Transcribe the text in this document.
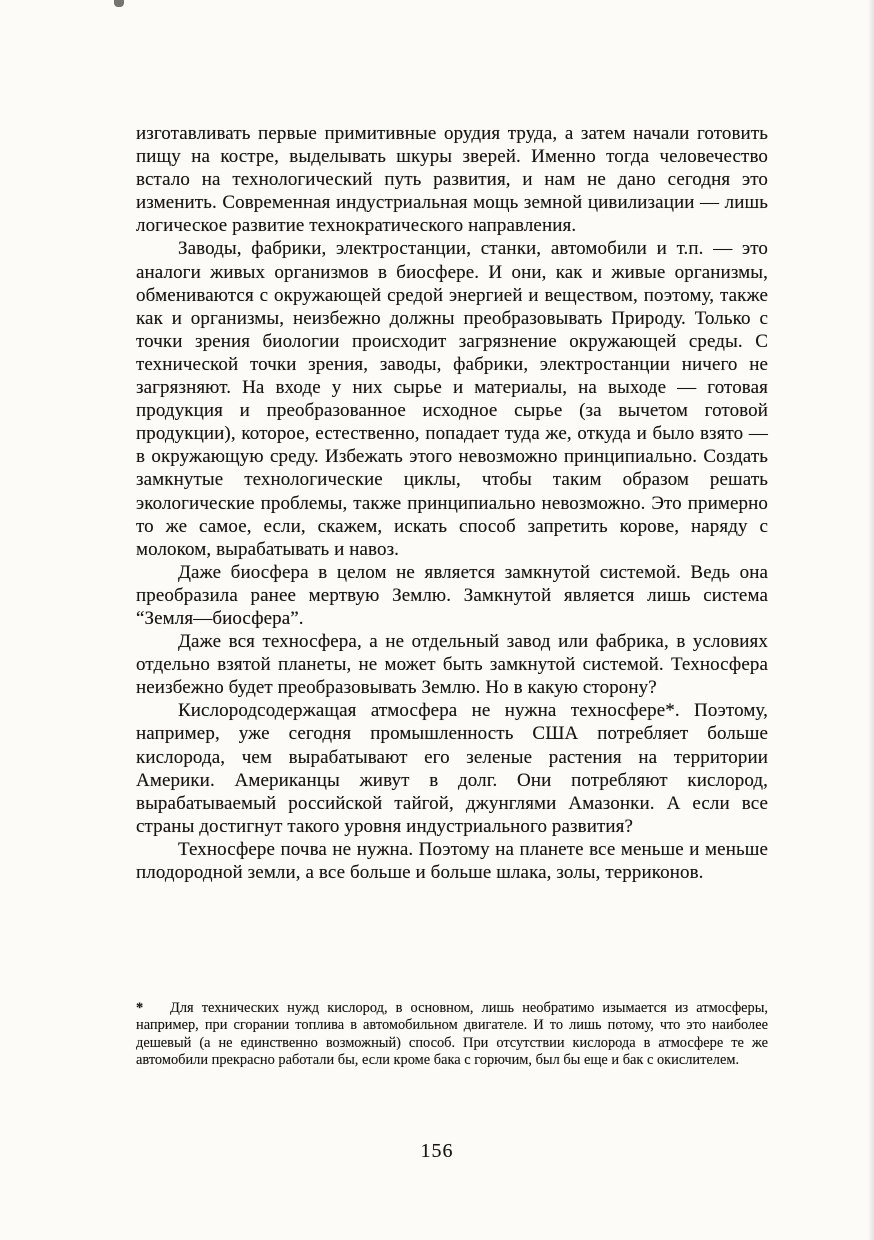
изготавливать первые примитивные орудия труда, а затем начали готовить пищу на костре, выделывать шкуры зверей. Именно тогда человечество встало на технологический путь развития, и нам не дано сегодня это изменить. Современная индустриальная мощь земной цивилизации — лишь логическое развитие технократического направления.

Заводы, фабрики, электростанции, станки, автомобили и т.п. — это аналоги живых организмов в биосфере. И они, как и живые организмы, обмениваются с окружающей средой энергией и веществом, поэтому, также как и организмы, неизбежно должны преобразовывать Природу. Только с точки зрения биологии происходит загрязнение окружающей среды. С технической точки зрения, заводы, фабрики, электростанции ничего не загрязняют. На входе у них сырье и материалы, на выходе — готовая продукция и преобразованное исходное сырье (за вычетом готовой продукции), которое, естественно, попадает туда же, откуда и было взято — в окружающую среду. Избежать этого невозможно принципиально. Создать замкнутые технологические циклы, чтобы таким образом решать экологические проблемы, также принципиально невозможно. Это примерно то же самое, если, скажем, искать способ запретить корове, наряду с молоком, вырабатывать и навоз.

Даже биосфера в целом не является замкнутой системой. Ведь она преобразила ранее мертвую Землю. Замкнутой является лишь система “Земля—биосфера”.

Даже вся техносфера, а не отдельный завод или фабрика, в условиях отдельно взятой планеты, не может быть замкнутой системой. Техносфера неизбежно будет преобразовывать Землю. Но в какую сторону?

Кислородсодержащая атмосфера не нужна техносфере*. Поэтому, например, уже сегодня промышленность США потребляет больше кислорода, чем вырабатывают его зеленые растения на территории Америки. Американцы живут в долг. Они потребляют кислород, вырабатываемый российской тайгой, джунглями Амазонки. А если все страны достигнут такого уровня индустриального развития?

Техносфере почва не нужна. Поэтому на планете все меньше и меньше плодородной земли, а все больше и больше шлака, золы, терриконов.

* Для технических нужд кислород, в основном, лишь необратимо изымается из атмосферы, например, при сгорании топлива в автомобильном двигателе. И то лишь потому, что это наиболее дешевый (а не единственно возможный) способ. При отсутствии кислорода в атмосфере те же автомобили прекрасно работали бы, если кроме бака с горючим, был бы еще и бак с окислителем.
156
